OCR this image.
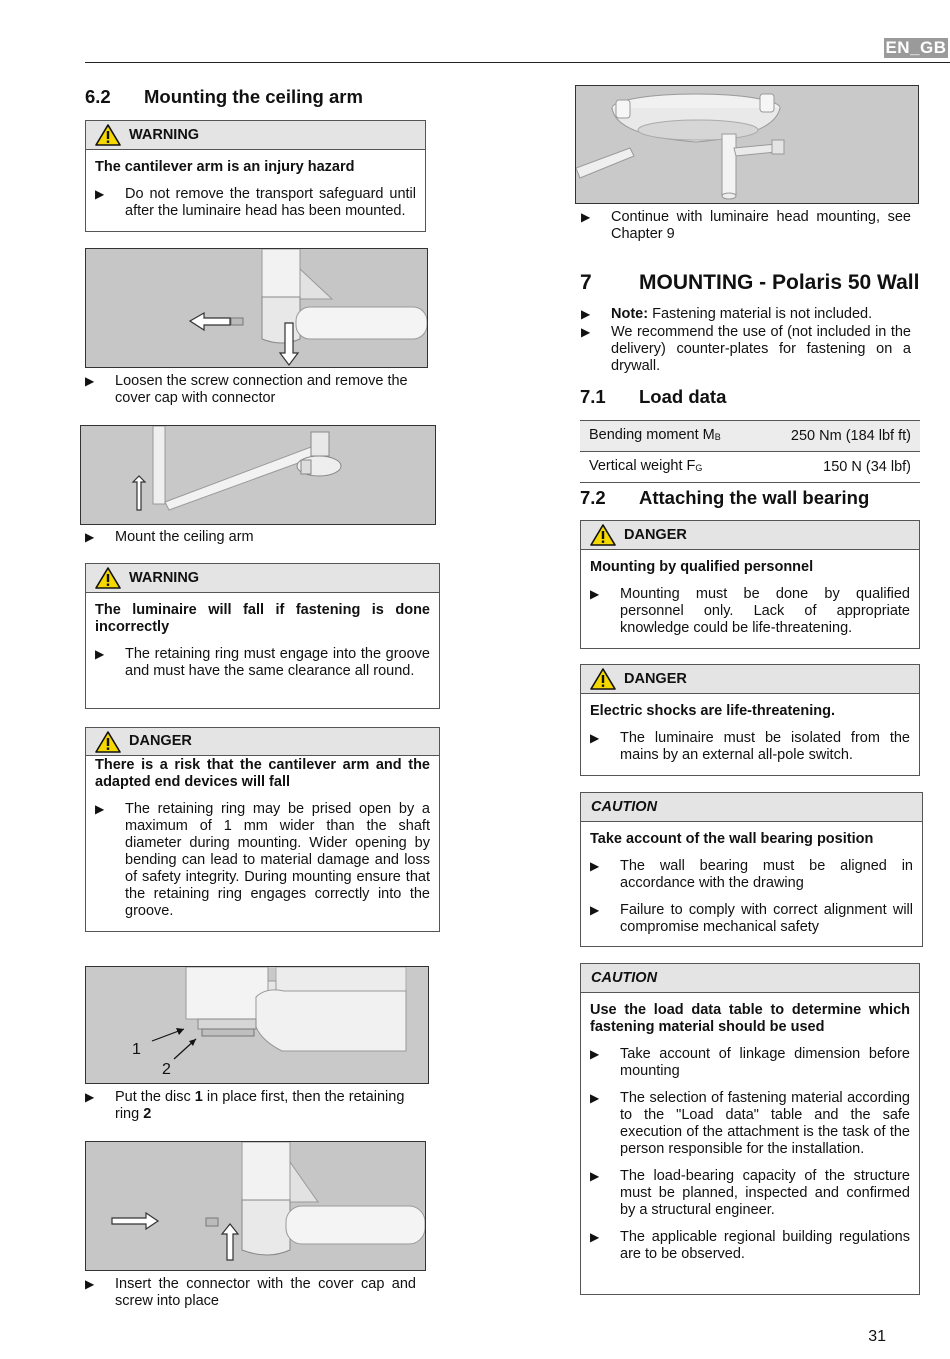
EN_GB
6.2 Mounting the ceiling arm
WARNING
The cantilever arm is an injury hazard
▶	Do not remove the transport safeguard until after the luminaire head has been mounted.
▶	Loosen the screw connection and remove the cover cap with connector
▶	Mount the ceiling arm
WARNING
The luminaire will fall if fastening is done incorrectly
▶	The retaining ring must engage into the groove and must have the same clearance all round.
DANGER
There is a risk that the cantilever arm and the adapted end devices will fall
▶	The retaining ring may be prised open by a maximum of 1 mm wider than the shaft diameter during mounting. Wider opening by bending can lead to material damage and loss of safety integrity. During mounting ensure that the retaining ring engages correctly into the groove.
1
2
▶	Put the disc 1 in place first, then the retaining ring 2
▶	Insert the connector with the cover cap and screw into place
▶	Continue with luminaire head mounting, see Chapter 9
7 MOUNTING - Polaris 50 Wall
▶	Note: Fastening material is not included.
▶	We recommend the use of (not included in the delivery) counter-plates for fastening on a drywall.
7.1 Load data
Bending moment $M_B$	250 Nm (184 lbf ft)
Vertical weight $F_G$	150 N (34 lbf)
7.2 Attaching the wall bearing
DANGER
Mounting by qualified personnel
▶	Mounting must be done by qualified personnel only. Lack of appropriate knowledge could be life-threatening.
DANGER
Electric shocks are life-threatening.
▶	The luminaire must be isolated from the mains by an external all-pole switch.
CAUTION
Take account of the wall bearing position
▶	The wall bearing must be aligned in accordance with the drawing
▶	Failure to comply with correct alignment will compromise mechanical safety
CAUTION
Use the load data table to determine which fastening material should be used
▶	Take account of linkage dimension before mounting
▶	The selection of fastening material according to the "Load data" table and the safe execution of the attachment is the task of the person responsible for the installation.
▶	The load-bearing capacity of the structure must be planned, inspected and confirmed by a structural engineer.
▶	The applicable regional building regulations are to be observed.
31
